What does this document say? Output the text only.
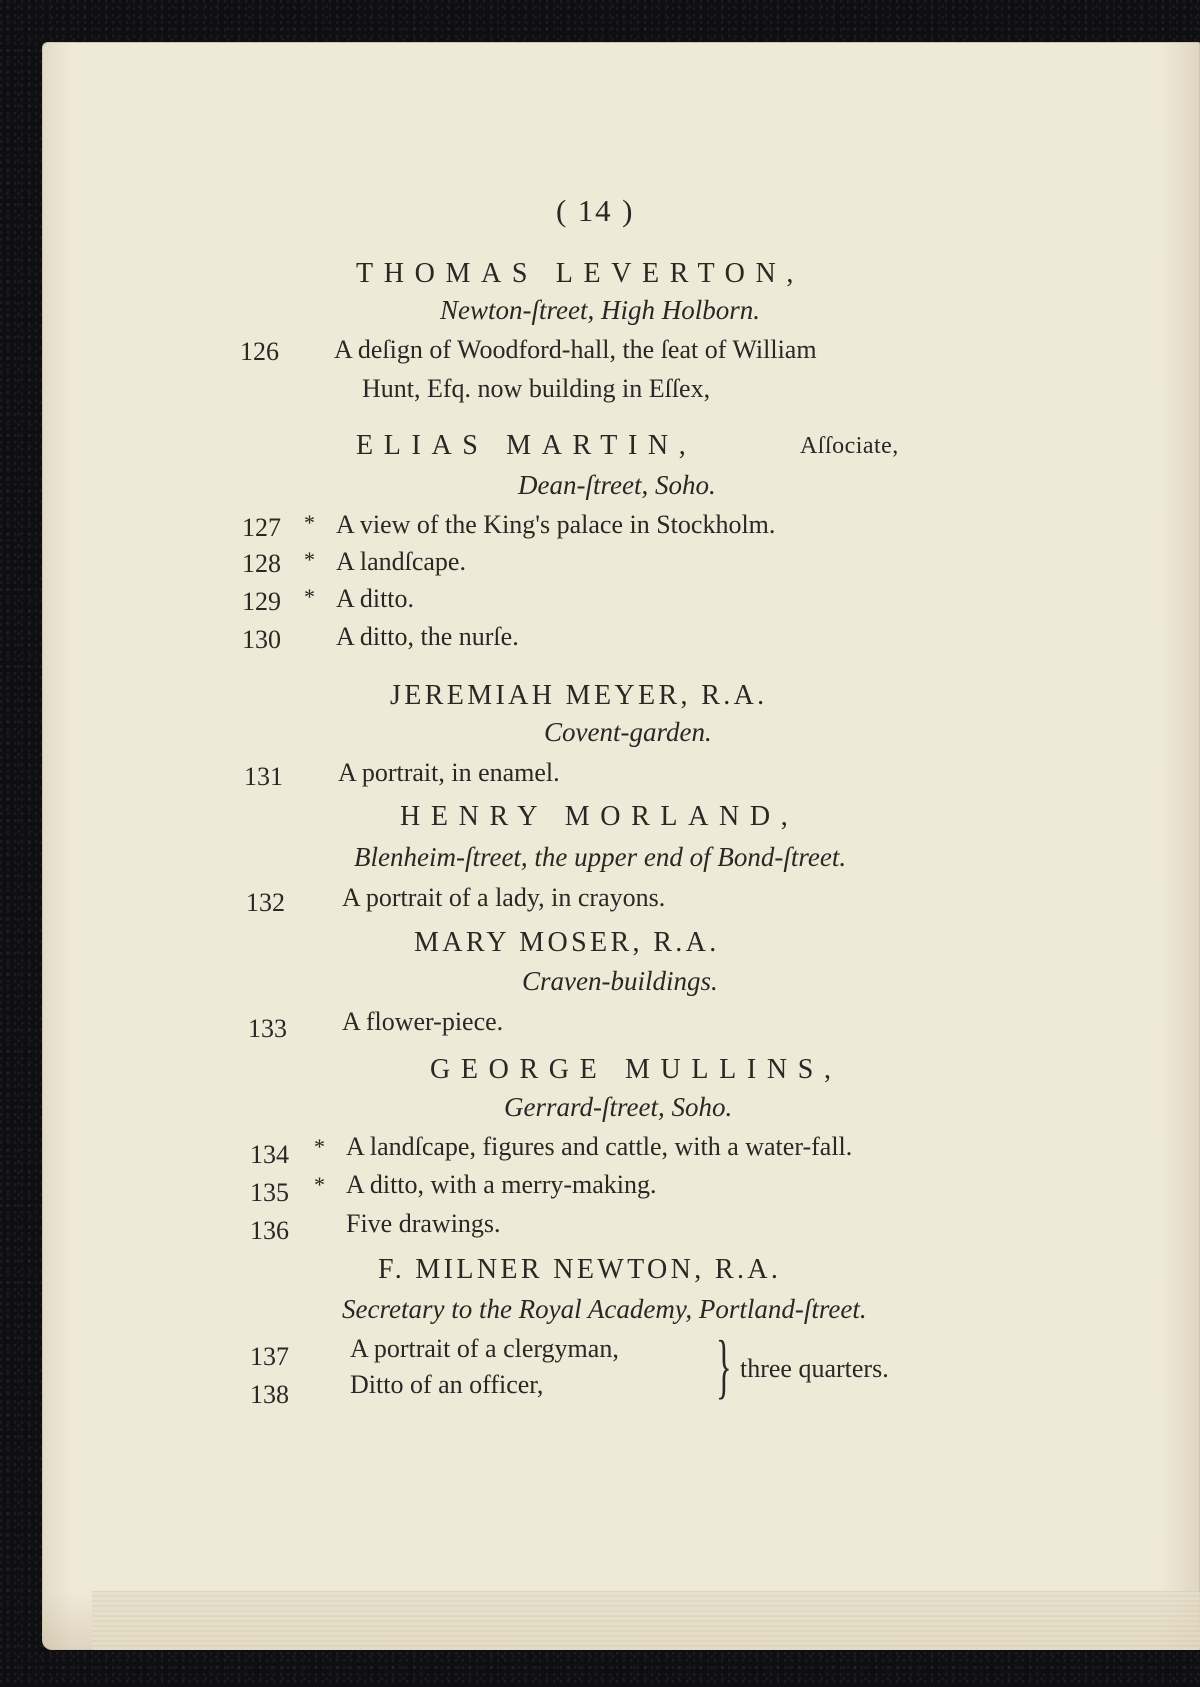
( 14 )
THOMAS LEVERTON,
Newton-ſtreet, High Holborn.
126 A deſign of Woodford-hall, the ſeat of William
Hunt, Efq. now building in Eſſex,
ELIAS MARTIN,	Aſſociate,
Dean-ſtreet, Soho.
127 * A view of the King's palace in Stockholm.
128 * A landſcape.
129 * A ditto.
130 A ditto, the nurſe.
JEREMIAH MEYER, R.A.
Covent-garden.
131 A portrait, in enamel.
HENRY MORLAND,
Blenheim-ſtreet, the upper end of Bond-ſtreet.
132 A portrait of a lady, in crayons.
MARY MOSER, R.A.
Craven-buildings.
133 A flower-piece.
GEORGE MULLINS,
Gerrard-ſtreet, Soho.
134 * A landſcape, figures and cattle, with a water-fall.
135 * A ditto, with a merry-making.
136 Five drawings.
F. MILNER NEWTON, R.A.
Secretary to the Royal Academy, Portland-ſtreet.
137 A portrait of a clergyman,
138 Ditto of an officer, } three quarters.
